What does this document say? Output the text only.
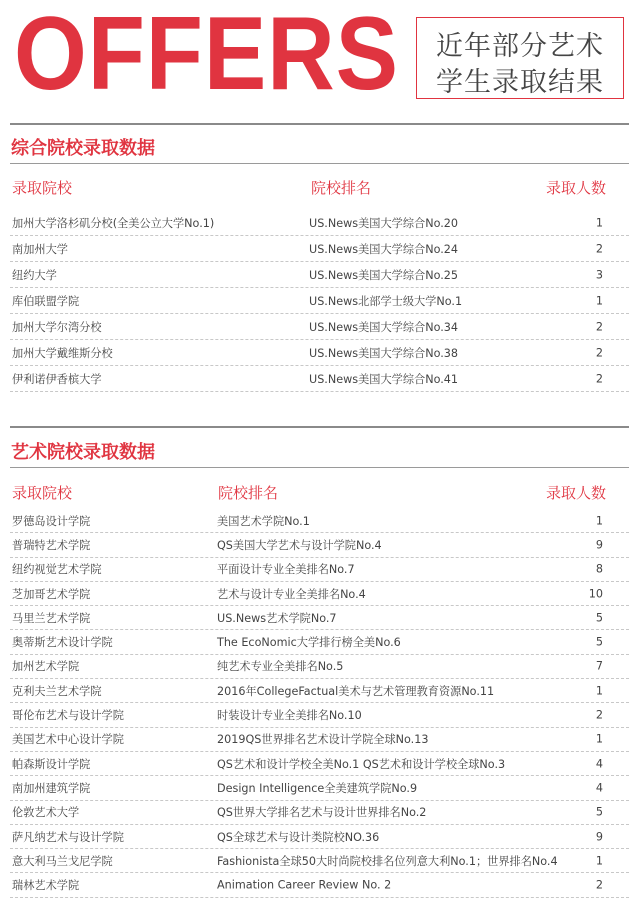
OFFERS	近年部分艺术
学生录取结果
综合院校录取数据
录取院校	院校排名	录取人数
加州大学洛杉矶分校(全美公立大学No.1)	US.News美国大学综合No.20	1
南加州大学	US.News美国大学综合No.24	2
纽约大学	US.News美国大学综合No.25	3
库伯联盟学院	US.News北部学士级大学No.1	1
加州大学尔湾分校	US.News美国大学综合No.34	2
加州大学戴维斯分校	US.News美国大学综合No.38	2
伊利诺伊香槟大学	US.News美国大学综合No.41	2
艺术院校录取数据
录取院校	院校排名	录取人数
罗德岛设计学院	美国艺术学院No.1	1
普瑞特艺术学院	QS美国大学艺术与设计学院No.4	9
纽约视觉艺术学院	平面设计专业全美排名No.7	8
芝加哥艺术学院	艺术与设计专业全美排名No.4	10
马里兰艺术学院	US.News艺术学院No.7	5
奥蒂斯艺术设计学院	The EcoNomic大学排行榜全美No.6	5
加州艺术学院	纯艺术专业全美排名No.5	7
克利夫兰艺术学院	2016年CollegeFactual美术与艺术管理教育资源No.11	1
哥伦布艺术与设计学院	时装设计专业全美排名No.10	2
美国艺术中心设计学院	2019QS世界排名艺术设计学院全球No.13	1
帕森斯设计学院	QS艺术和设计学校全美No.1 QS艺术和设计学校全球No.3	4
南加州建筑学院	Design Intelligence全美建筑学院No.9	4
伦敦艺术大学	QS世界大学排名艺术与设计世界排名No.2	5
萨凡纳艺术与设计学院	QS全球艺术与设计类院校NO.36	9
意大利马兰戈尼学院	Fashionista全球50大时尚院校排名位列意大利No.1；世界排名No.4	1
瑞林艺术学院	Animation Career Review No. 2	2
